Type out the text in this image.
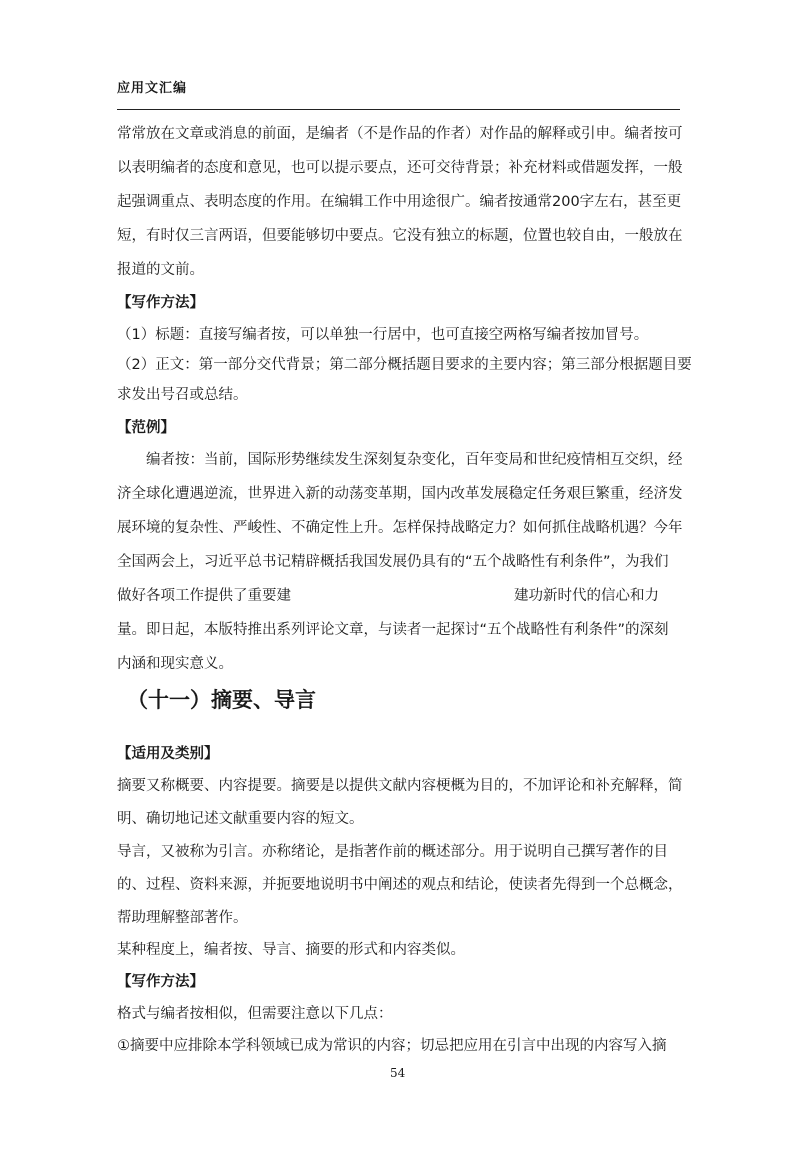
应用文汇编
常常放在文章或消息的前面，是编者（不是作品的作者）对作品的解释或引申。编者按可
以表明编者的态度和意见，也可以提示要点，还可交待背景；补充材料或借题发挥，一般
起强调重点、表明态度的作用。在编辑工作中用途很广。编者按通常200字左右，甚至更
短，有时仅三言两语，但要能够切中要点。它没有独立的标题，位置也较自由，一般放在
报道的文前。
【写作方法】
（1）标题：直接写编者按，可以单独一行居中，也可直接空两格写编者按加冒号。
（2）正文：第一部分交代背景；第二部分概括题目要求的主要内容；第三部分根据题目要
求发出号召或总结。
【范例】
编者按：当前，国际形势继续发生深刻复杂变化，百年变局和世纪疫情相互交织，经
济全球化遭遇逆流，世界进入新的动荡变革期，国内改革发展稳定任务艰巨繁重，经济发
展环境的复杂性、严峻性、不确定性上升。怎样保持战略定力？如何抓住战略机遇？今年
全国两会上，习近平总书记精辟概括我国发展仍具有的“五个战略性有利条件”，为我们
做好各项工作提供了重要建	建功新时代的信心和力
量。即日起，本版特推出系列评论文章，与读者一起探讨“五个战略性有利条件”的深刻
内涵和现实意义。
（十一）摘要、导言
【适用及类别】
摘要又称概要、内容提要。摘要是以提供文献内容梗概为目的，不加评论和补充解释，简
明、确切地记述文献重要内容的短文。
导言，又被称为引言。亦称绪论，是指著作前的概述部分。用于说明自己撰写著作的目
的、过程、资料来源，并扼要地说明书中阐述的观点和结论，使读者先得到一个总概念，
帮助理解整部著作。
某种程度上，编者按、导言、摘要的形式和内容类似。
【写作方法】
格式与编者按相似，但需要注意以下几点：
①摘要中应排除本学科领域已成为常识的内容；切忌把应用在引言中出现的内容写入摘
54
